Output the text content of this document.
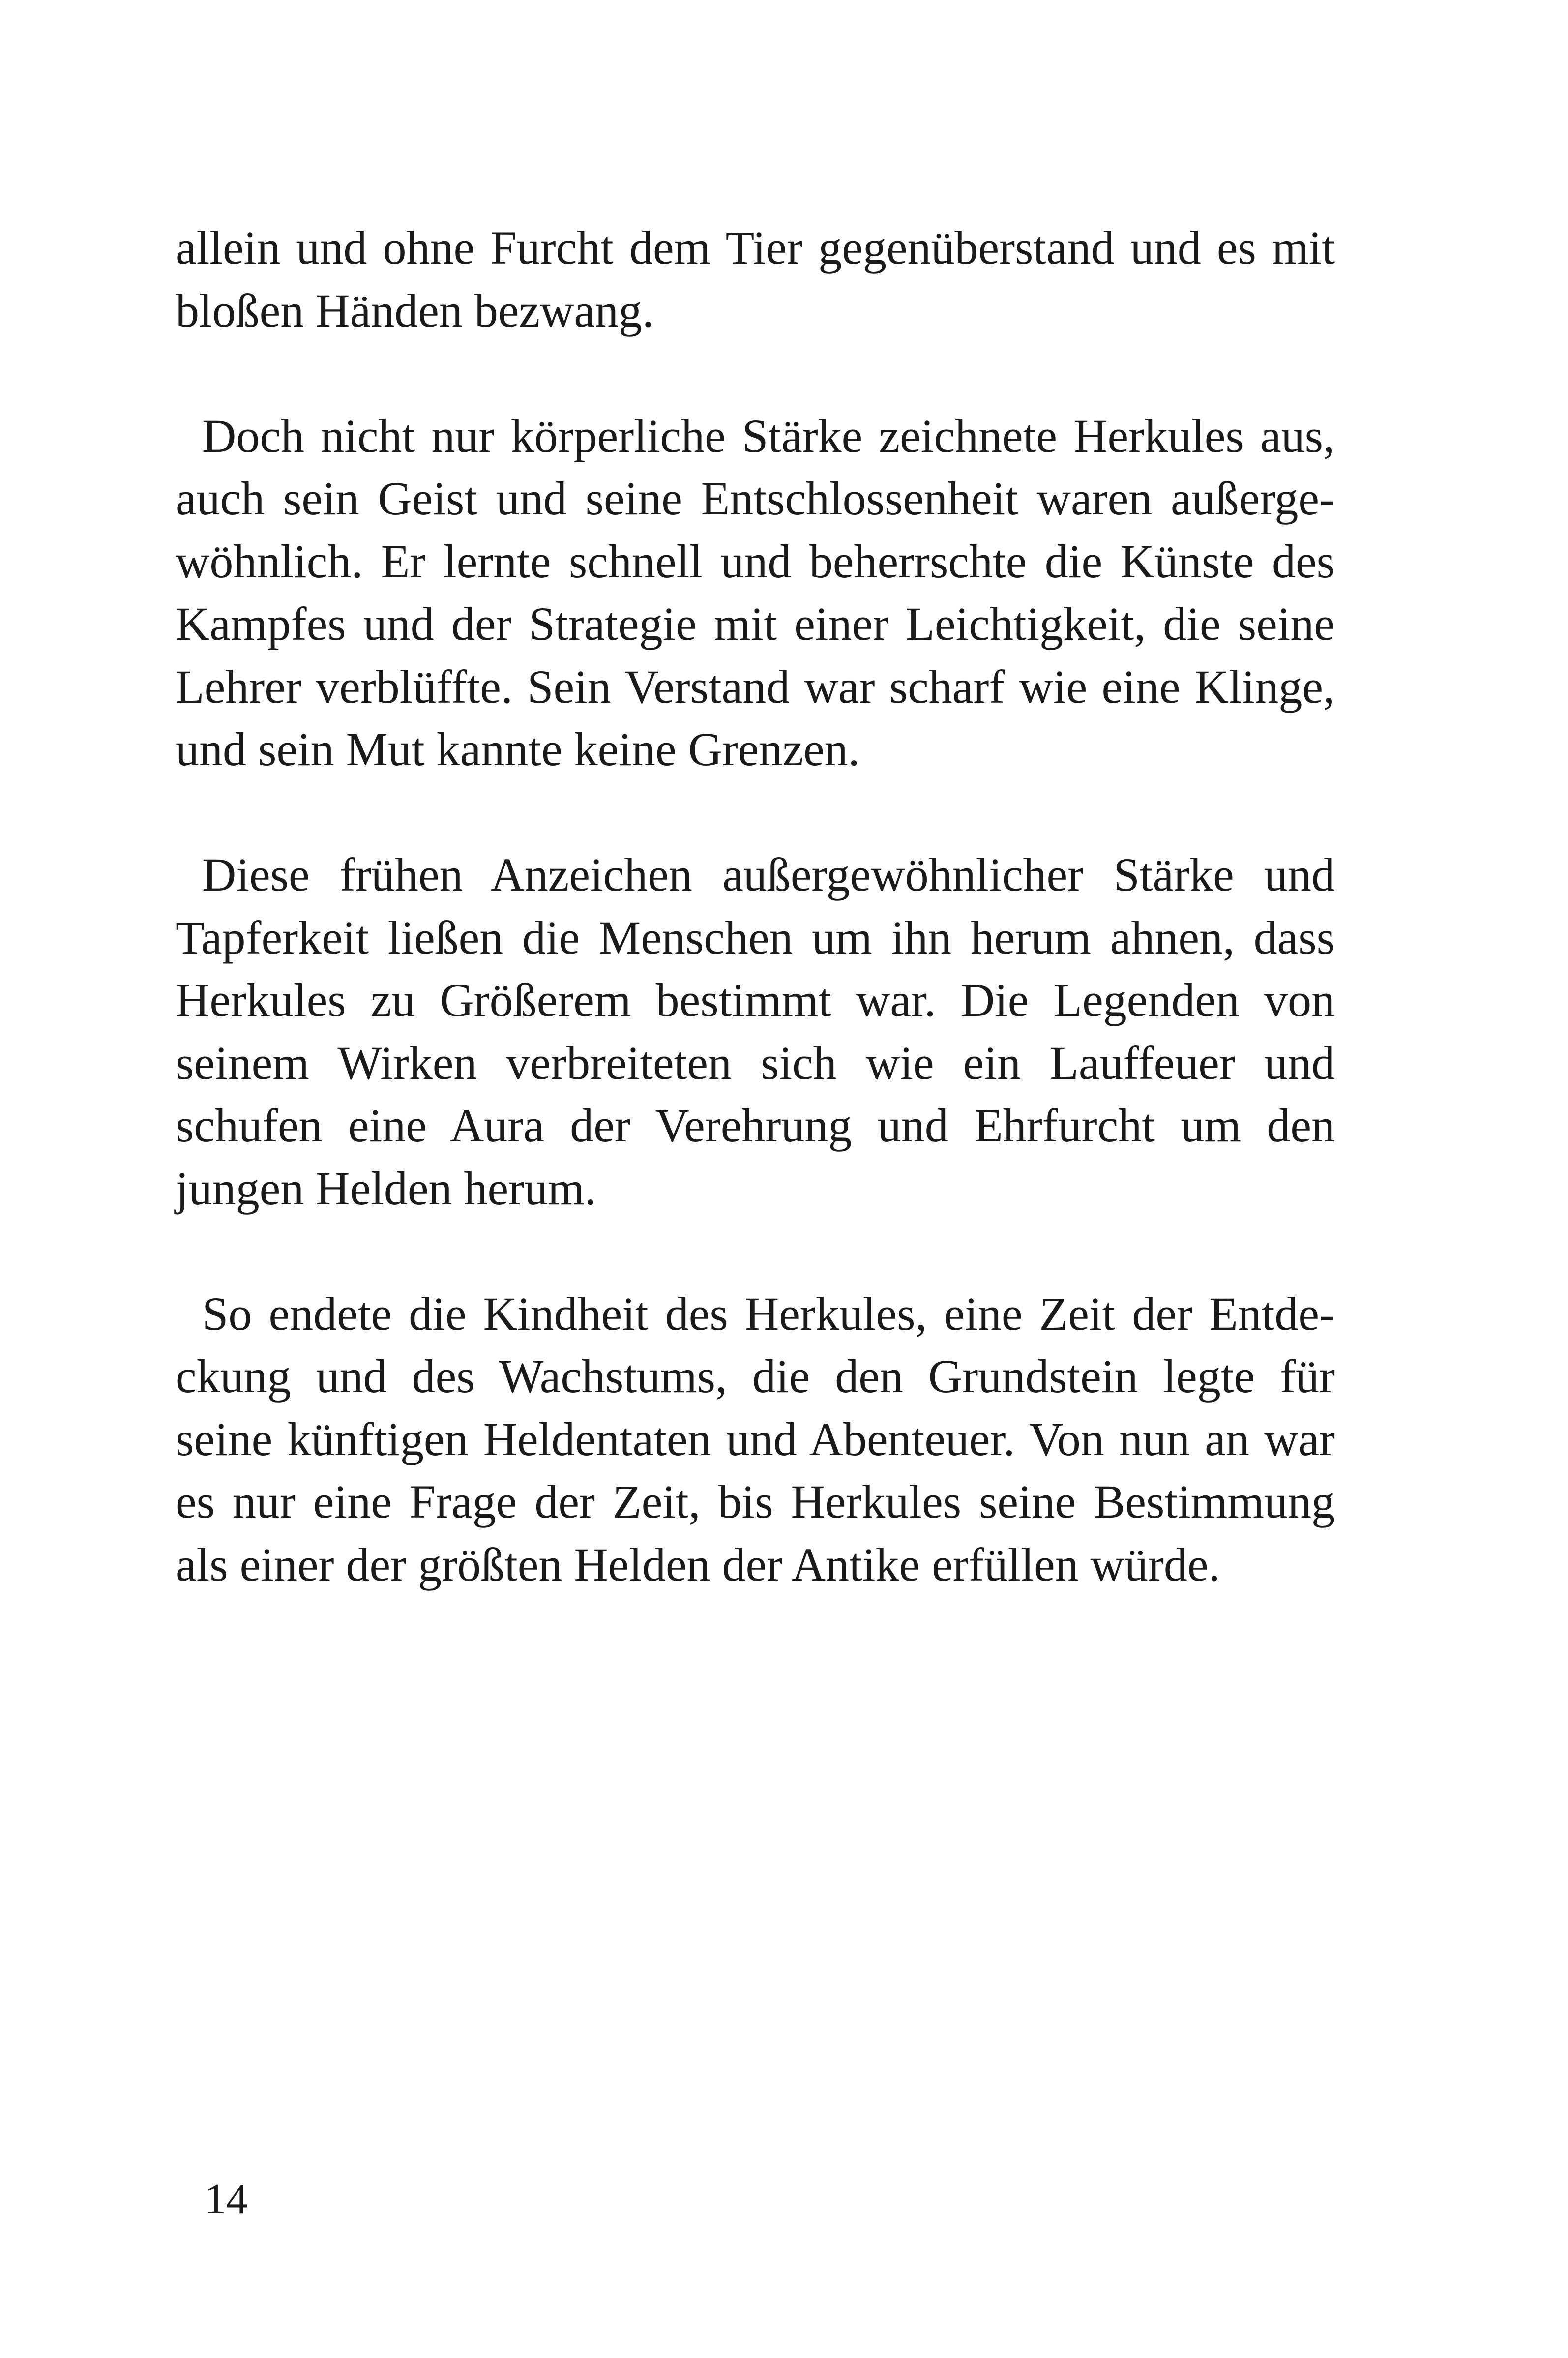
allein und ohne Furcht dem Tier gegenüberstand und es mit bloßen Händen bezwang.

Doch nicht nur körperliche Stärke zeichnete Herkules aus, auch sein Geist und seine Entschlossenheit waren außergewöhnlich. Er lernte schnell und beherrschte die Künste des Kampfes und der Strategie mit einer Leichtigkeit, die seine Lehrer verblüffte. Sein Verstand war scharf wie eine Klinge, und sein Mut kannte keine Grenzen.

Diese frühen Anzeichen außergewöhnlicher Stärke und Tapferkeit ließen die Menschen um ihn herum ahnen, dass Herkules zu Größerem bestimmt war. Die Legenden von seinem Wirken verbreiteten sich wie ein Lauffeuer und schufen eine Aura der Verehrung und Ehrfurcht um den jungen Helden herum.

So endete die Kindheit des Herkules, eine Zeit der Entdeckung und des Wachstums, die den Grundstein legte für seine künftigen Heldentaten und Abenteuer. Von nun an war es nur eine Frage der Zeit, bis Herkules seine Bestimmung als einer der größten Helden der Antike erfüllen würde.

14
